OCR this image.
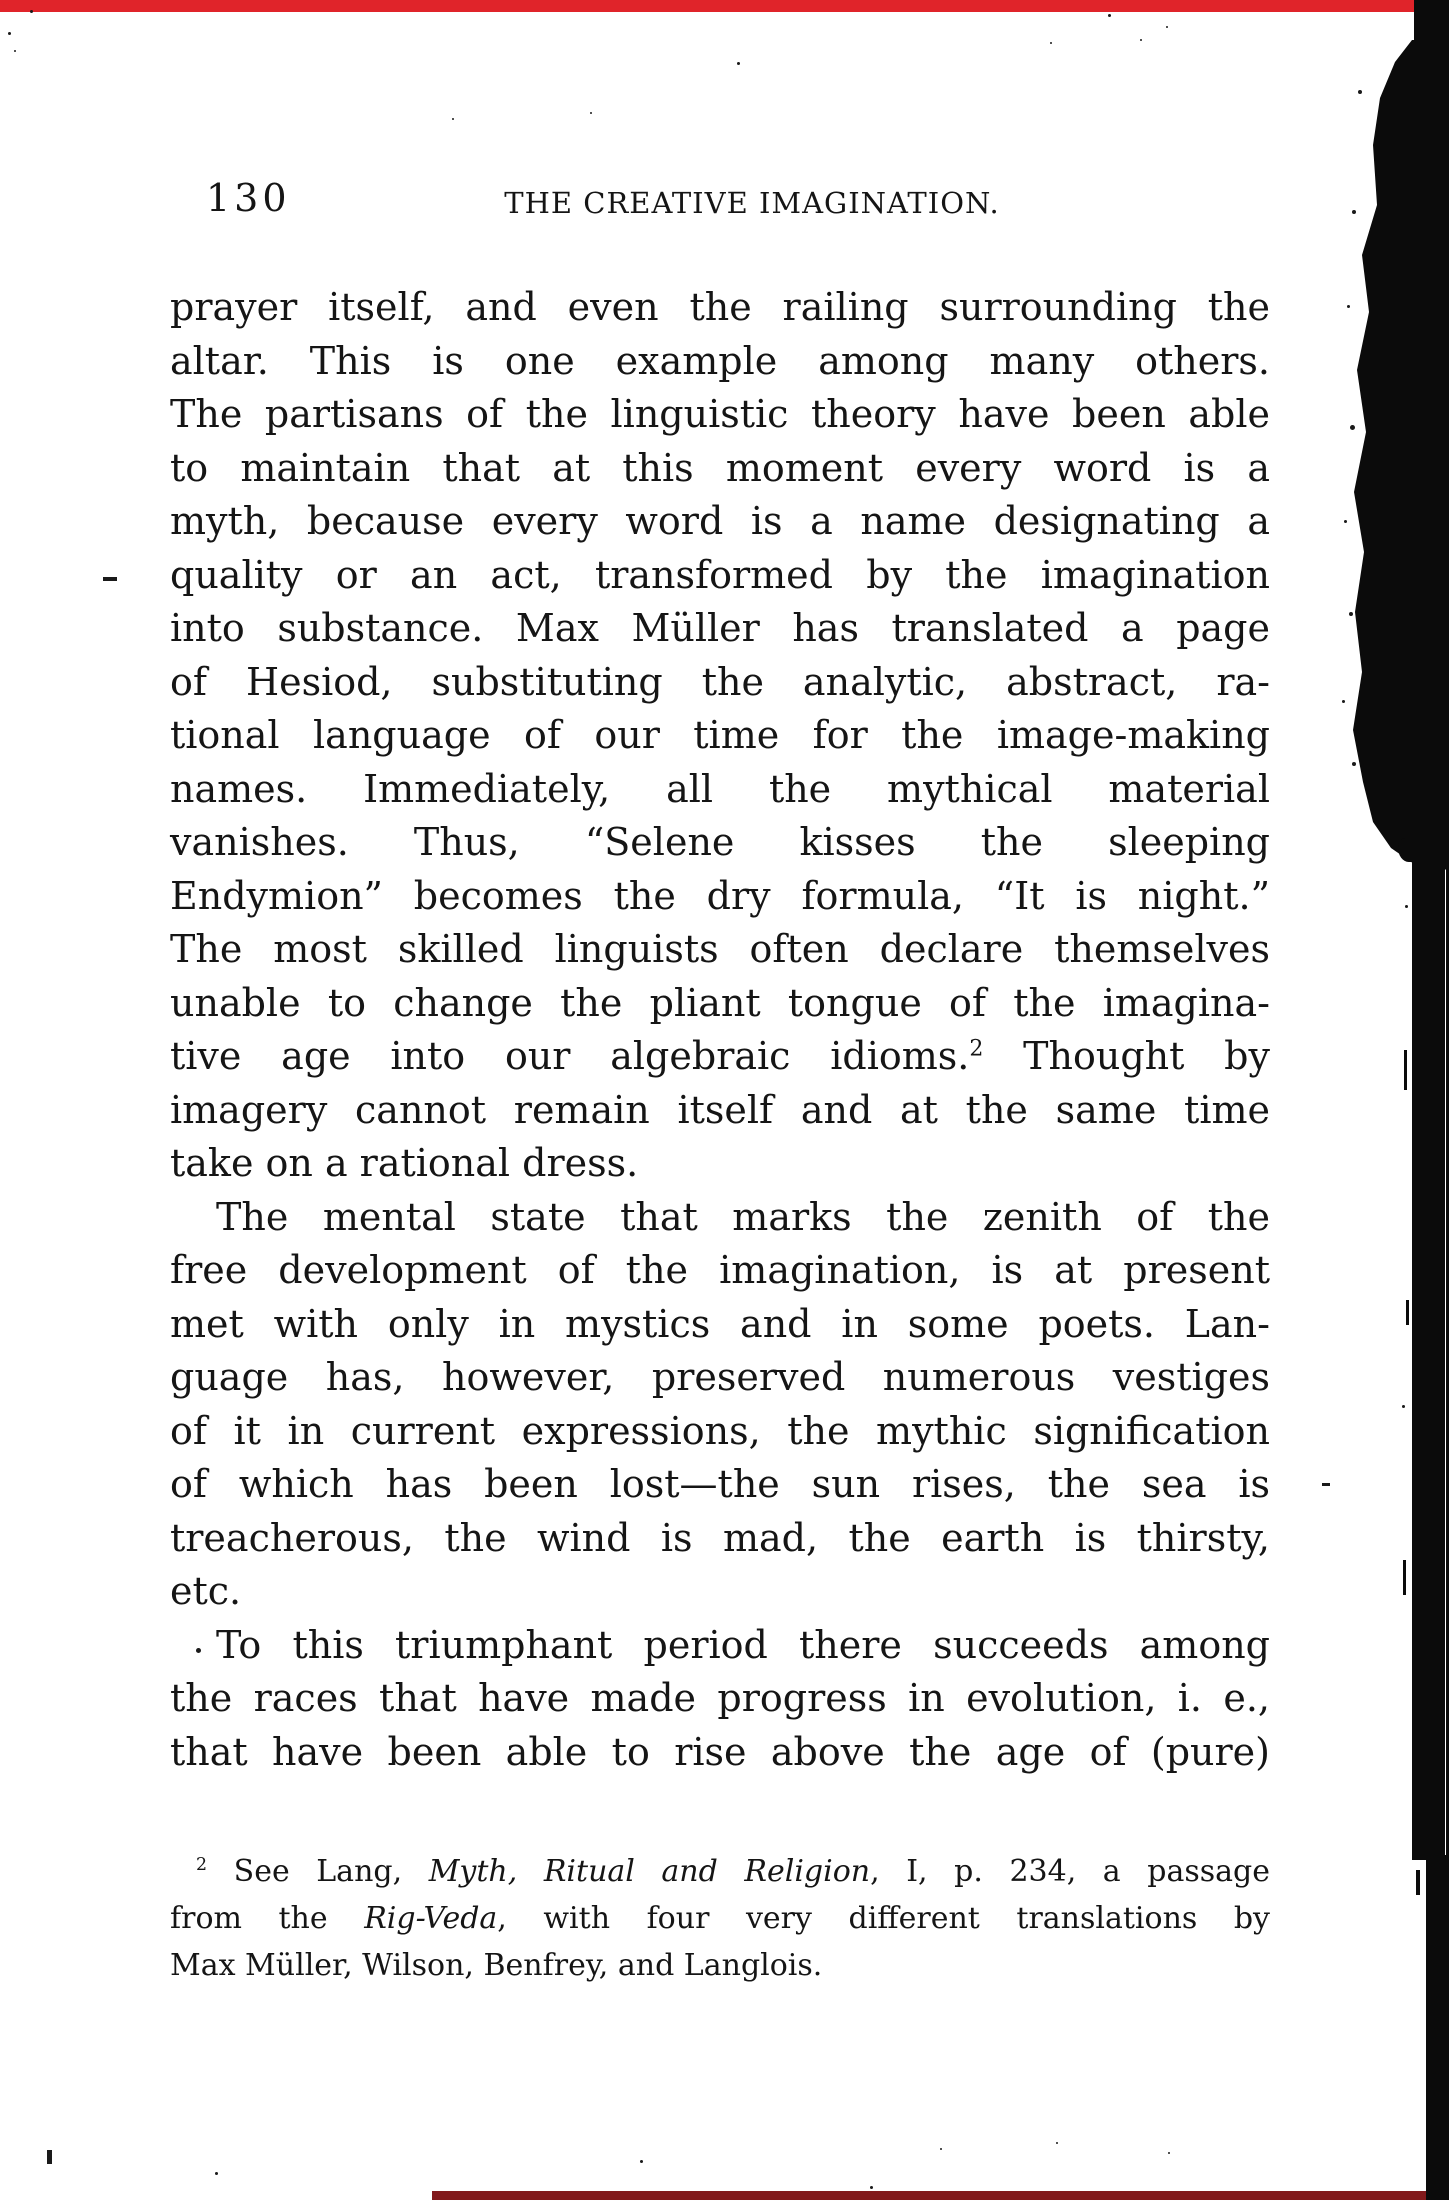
130	THE CREATIVE IMAGINATION.
prayer itself, and even the railing surrounding the
altar. This is one example among many others.
The partisans of the linguistic theory have been able
to maintain that at this moment every word is a
myth, because every word is a name designating a
quality or an act, transformed by the imagination
into substance. Max Müller has translated a page
of Hesiod, substituting the analytic, abstract, ra-
tional language of our time for the image-making
names. Immediately, all the mythical material
vanishes. Thus, “Selene kisses the sleeping
Endymion” becomes the dry formula, “It is night.”
The most skilled linguists often declare themselves
unable to change the pliant tongue of the imagina-
tive age into our algebraic idioms.$^2$ Thought by
imagery cannot remain itself and at the same time
take on a rational dress.
The mental state that marks the zenith of the
free development of the imagination, is at present
met with only in mystics and in some poets. Lan-
guage has, however, preserved numerous vestiges
of it in current expressions, the mythic signification
of which has been lost—the sun rises, the sea is
treacherous, the wind is mad, the earth is thirsty,
etc.
To this triumphant period there succeeds among
the races that have made progress in evolution, i. e.,
that have been able to rise above the age of (pure)
$^2$ See Lang, Myth, Ritual and Religion, I, p. 234, a passage
from the Rig-Veda, with four very different translations by
Max Müller, Wilson, Benfrey, and Langlois.
